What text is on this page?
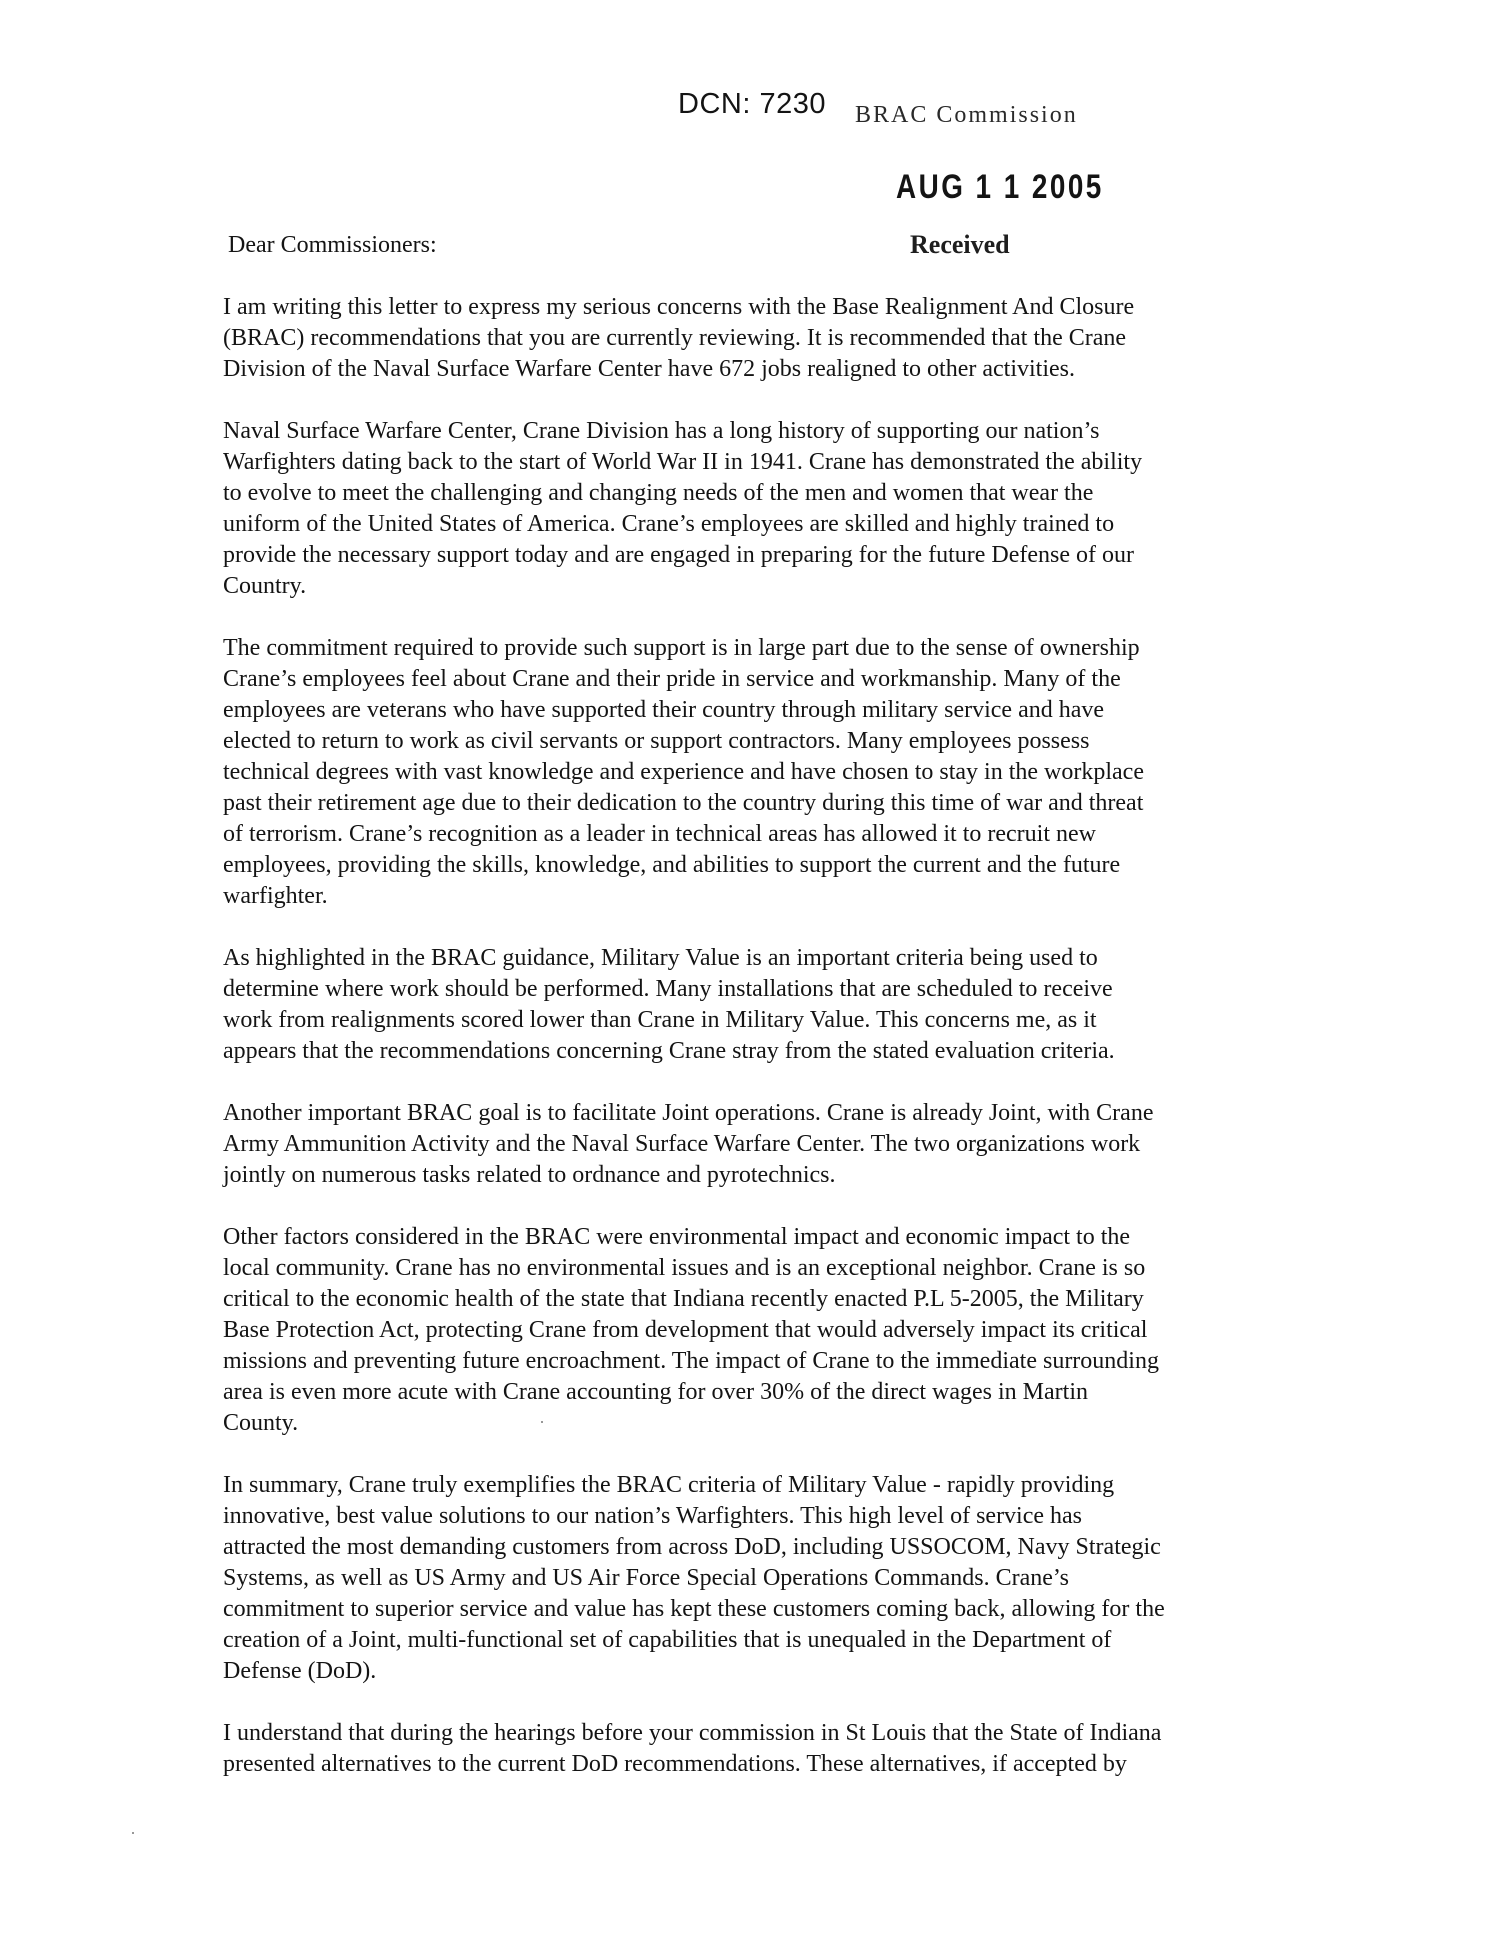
DCN: 7230 BRAC Commission
AUG 1 1 2005
Received
Dear Commissioners:
I am writing this letter to express my serious concerns with the Base Realignment And Closure
(BRAC) recommendations that you are currently reviewing. It is recommended that the Crane
Division of the Naval Surface Warfare Center have 672 jobs realigned to other activities.
Naval Surface Warfare Center, Crane Division has a long history of supporting our nation’s
Warfighters dating back to the start of World War II in 1941. Crane has demonstrated the ability
to evolve to meet the challenging and changing needs of the men and women that wear the
uniform of the United States of America. Crane’s employees are skilled and highly trained to
provide the necessary support today and are engaged in preparing for the future Defense of our
Country.
The commitment required to provide such support is in large part due to the sense of ownership
Crane’s employees feel about Crane and their pride in service and workmanship. Many of the
employees are veterans who have supported their country through military service and have
elected to return to work as civil servants or support contractors. Many employees possess
technical degrees with vast knowledge and experience and have chosen to stay in the workplace
past their retirement age due to their dedication to the country during this time of war and threat
of terrorism. Crane’s recognition as a leader in technical areas has allowed it to recruit new
employees, providing the skills, knowledge, and abilities to support the current and the future
warfighter.
As highlighted in the BRAC guidance, Military Value is an important criteria being used to
determine where work should be performed. Many installations that are scheduled to receive
work from realignments scored lower than Crane in Military Value. This concerns me, as it
appears that the recommendations concerning Crane stray from the stated evaluation criteria.
Another important BRAC goal is to facilitate Joint operations. Crane is already Joint, with Crane
Army Ammunition Activity and the Naval Surface Warfare Center. The two organizations work
jointly on numerous tasks related to ordnance and pyrotechnics.
Other factors considered in the BRAC were environmental impact and economic impact to the
local community. Crane has no environmental issues and is an exceptional neighbor. Crane is so
critical to the economic health of the state that Indiana recently enacted P.L 5-2005, the Military
Base Protection Act, protecting Crane from development that would adversely impact its critical
missions and preventing future encroachment. The impact of Crane to the immediate surrounding
area is even more acute with Crane accounting for over 30% of the direct wages in Martin
County.
In summary, Crane truly exemplifies the BRAC criteria of Military Value - rapidly providing
innovative, best value solutions to our nation’s Warfighters. This high level of service has
attracted the most demanding customers from across DoD, including USSOCOM, Navy Strategic
Systems, as well as US Army and US Air Force Special Operations Commands. Crane’s
commitment to superior service and value has kept these customers coming back, allowing for the
creation of a Joint, multi-functional set of capabilities that is unequaled in the Department of
Defense (DoD).
I understand that during the hearings before your commission in St Louis that the State of Indiana
presented alternatives to the current DoD recommendations. These alternatives, if accepted by
